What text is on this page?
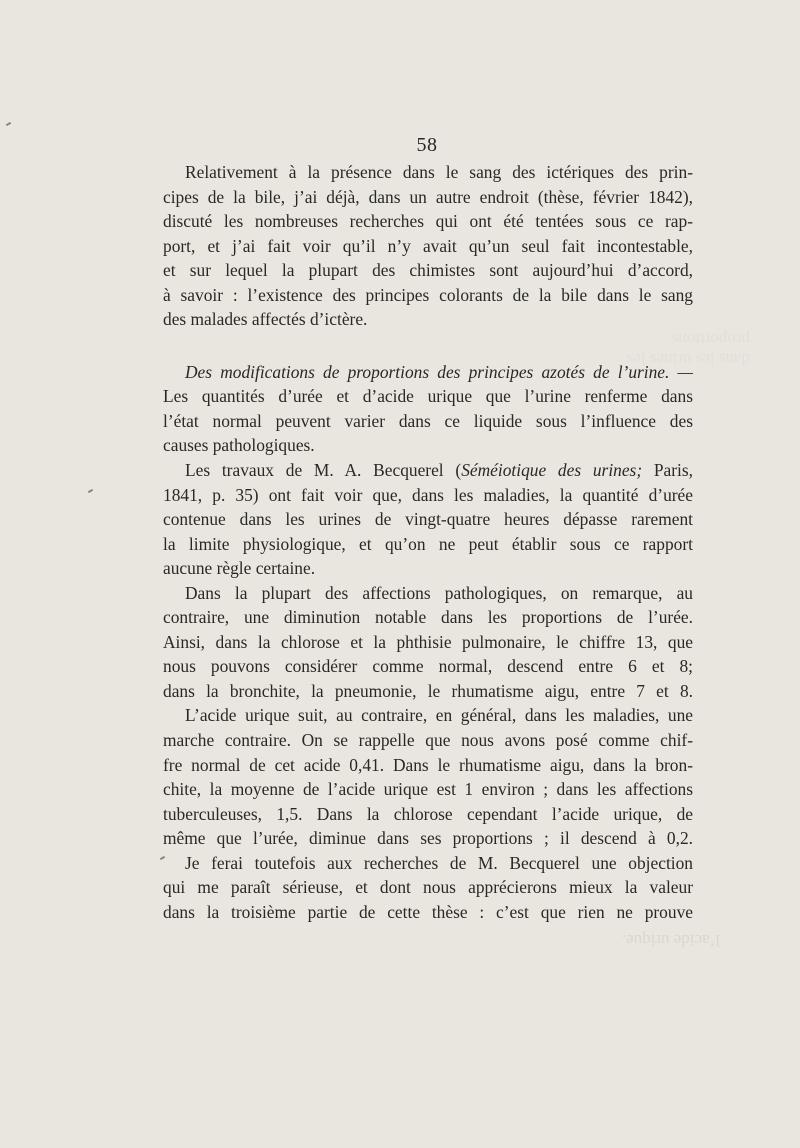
58
dans les urines les proportions
Relativement à la présence dans le sang des ictériques des prin-
cipes de la bile, j’ai déjà, dans un autre endroit (thèse, février 1842),
discuté les nombreuses recherches qui ont été tentées sous ce rap-
port, et j’ai fait voir qu’il n’y avait qu’un seul fait incontestable,
et sur lequel la plupart des chimistes sont aujourd’hui d’accord,
à savoir : l’existence des principes colorants de la bile dans le sang
des malades affectés d’ictère.
Des modifications de proportions des principes azotés de l’urine. —
Les quantités d’urée et d’acide urique que l’urine renferme dans
l’état normal peuvent varier dans ce liquide sous l’influence des
causes pathologiques.
Les travaux de M. A. Becquerel (Séméiotique des urines; Paris,
1841, p. 35) ont fait voir que, dans les maladies, la quantité d’urée
contenue dans les urines de vingt-quatre heures dépasse rarement
la limite physiologique, et qu’on ne peut établir sous ce rapport
aucune règle certaine.
Dans la plupart des affections pathologiques, on remarque, au
contraire, une diminution notable dans les proportions de l’urée.
Ainsi, dans la chlorose et la phthisie pulmonaire, le chiffre 13, que
nous pouvons considérer comme normal, descend entre 6 et 8;
dans la bronchite, la pneumonie, le rhumatisme aigu, entre 7 et 8.
L’acide urique suit, au contraire, en général, dans les maladies, une
marche contraire. On se rappelle que nous avons posé comme chif-
fre normal de cet acide 0,41. Dans le rhumatisme aigu, dans la bron-
chite, la moyenne de l’acide urique est 1 environ ; dans les affections
tuberculeuses, 1,5. Dans la chlorose cependant l’acide urique, de
même que l’urée, diminue dans ses proportions ; il descend à 0,2.
Je ferai toutefois aux recherches de M. Becquerel une objection
qui me paraît sérieuse, et dont nous apprécierons mieux la valeur
dans la troisième partie de cette thèse : c’est que rien ne prouve
l’acide urique.
